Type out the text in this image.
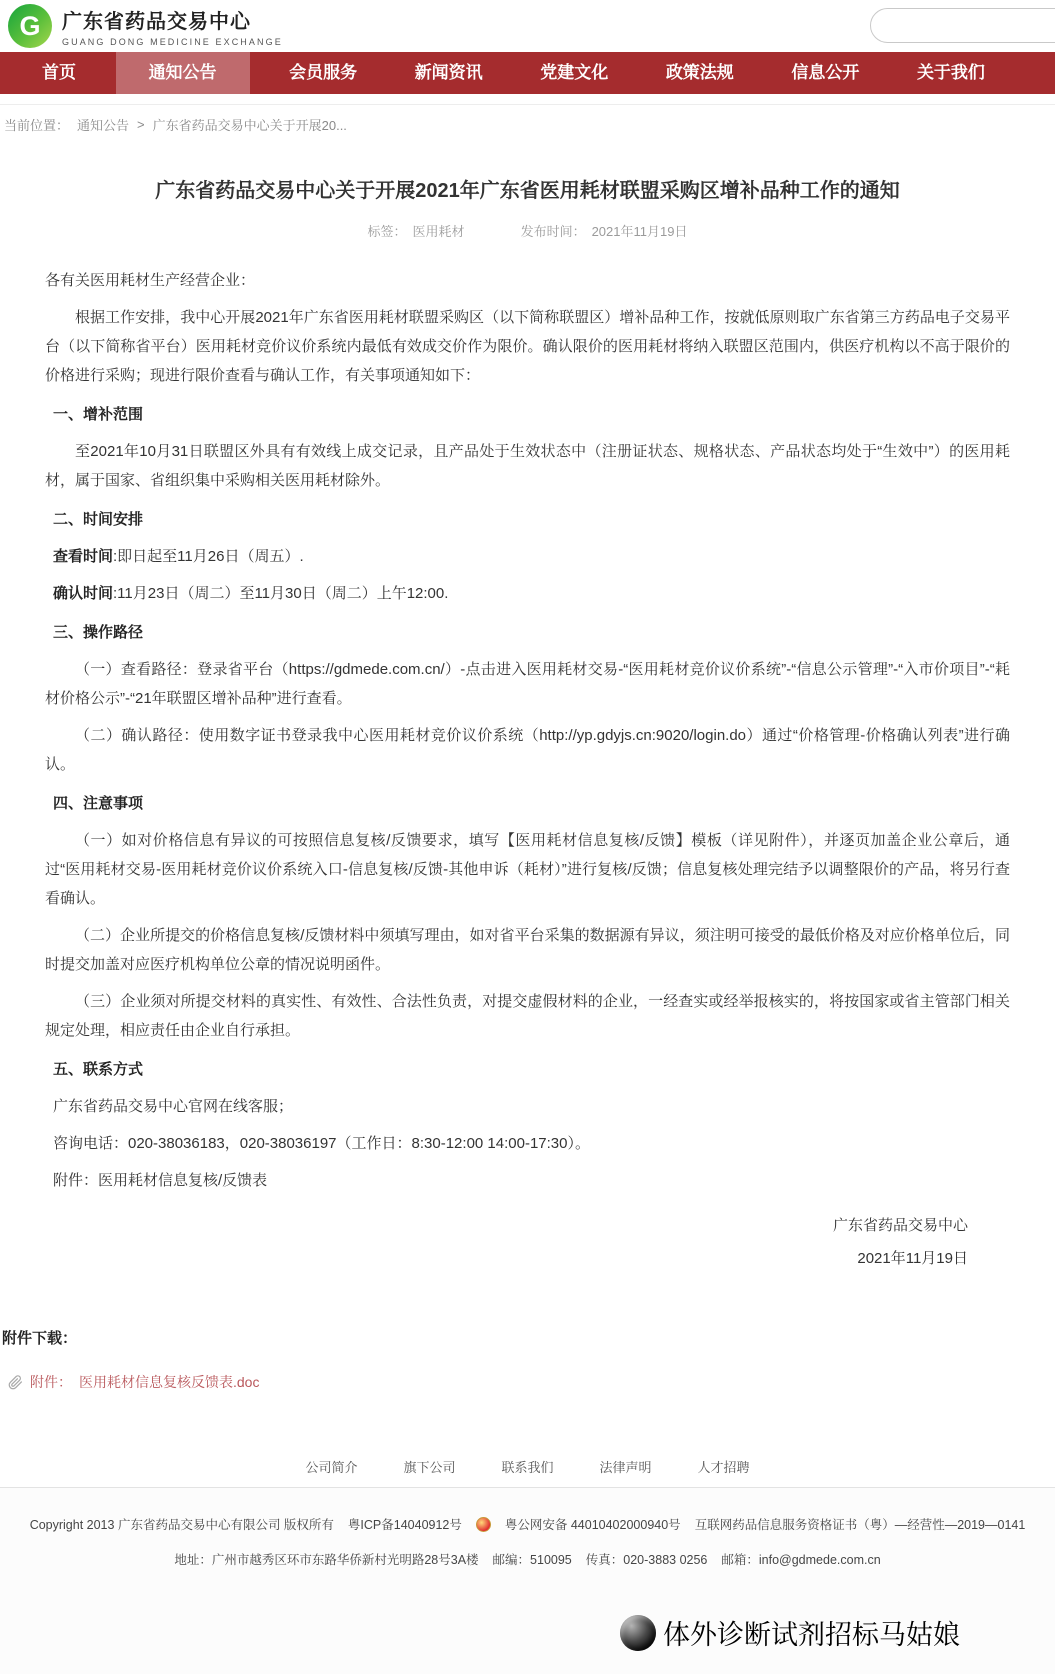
G	广东省药品交易中心
GUANG DONG MEDICINE EXCHANGE
首页	通知公告	会员服务	新闻资讯	党建文化	政策法规	信息公开	关于我们
当前位置： 通知公告 > 广东省药品交易中心关于开展20...
广东省药品交易中心关于开展2021年广东省医用耗材联盟采购区增补品种工作的通知
标签： 医用耗材	发布时间： 2021年11月19日

各有关医用耗材生产经营企业：

根据工作安排，我中心开展2021年广东省医用耗材联盟采购区（以下简称联盟区）增补品种工作，按就低原则取广东省第三方药品电子交易平台（以下简称省平台）医用耗材竞价议价系统内最低有效成交价作为限价。确认限价的医用耗材将纳入联盟区范围内，供医疗机构以不高于限价的价格进行采购；现进行限价查看与确认工作，有关事项通知如下：

一、增补范围

至2021年10月31日联盟区外具有有效线上成交记录，且产品处于生效状态中（注册证状态、规格状态、产品状态均处于“生效中”）的医用耗材，属于国家、省组织集中采购相关医用耗材除外。

二、时间安排

查看时间:即日起至11月26日（周五）.

确认时间:11月23日（周二）至11月30日（周二）上午12:00.

三、操作路径

（一）查看路径：登录省平台（https://gdmede.com.cn/）-点击进入医用耗材交易-“医用耗材竞价议价系统”-“信息公示管理”-“入市价项目”-“耗材价格公示”-“21年联盟区增补品种”进行查看。

（二）确认路径：使用数字证书登录我中心医用耗材竞价议价系统（http://yp.gdyjs.cn:9020/login.do）通过“价格管理-价格确认列表”进行确认。

四、注意事项

（一）如对价格信息有异议的可按照信息复核/反馈要求，填写【医用耗材信息复核/反馈】模板（详见附件），并逐页加盖企业公章后，通过“医用耗材交易-医用耗材竞价议价系统入口-信息复核/反馈-其他申诉（耗材）”进行复核/反馈；信息复核处理完结予以调整限价的产品，将另行查看确认。

（二）企业所提交的价格信息复核/反馈材料中须填写理由，如对省平台采集的数据源有异议，须注明可接受的最低价格及对应价格单位后，同时提交加盖对应医疗机构单位公章的情况说明函件。

（三）企业须对所提交材料的真实性、有效性、合法性负责，对提交虚假材料的企业，一经查实或经举报核实的，将按国家或省主管部门相关规定处理，相应责任由企业自行承担。

五、联系方式

广东省药品交易中心官网在线客服；

咨询电话：020-38036183，020-38036197（工作日：8:30-12:00 14:00-17:30）。

附件：医用耗材信息复核/反馈表

广东省药品交易中心
2021年11月19日
附件下载：
附件： 医用耗材信息复核反馈表.doc
公司简介	旗下公司	联系我们	法律声明	人才招聘
Copyright 2013 广东省药品交易中心有限公司 版权所有 粤ICP备14040912号	粤公网安备 44010402000940号 互联网药品信息服务资格证书（粤）—经营性—2019—0141
地址：广州市越秀区环市东路华侨新村光明路28号3A楼 邮编：510095 传真：020-3883 0256 邮箱：info@gdmede.com.cn
体外诊断试剂招标马姑娘
